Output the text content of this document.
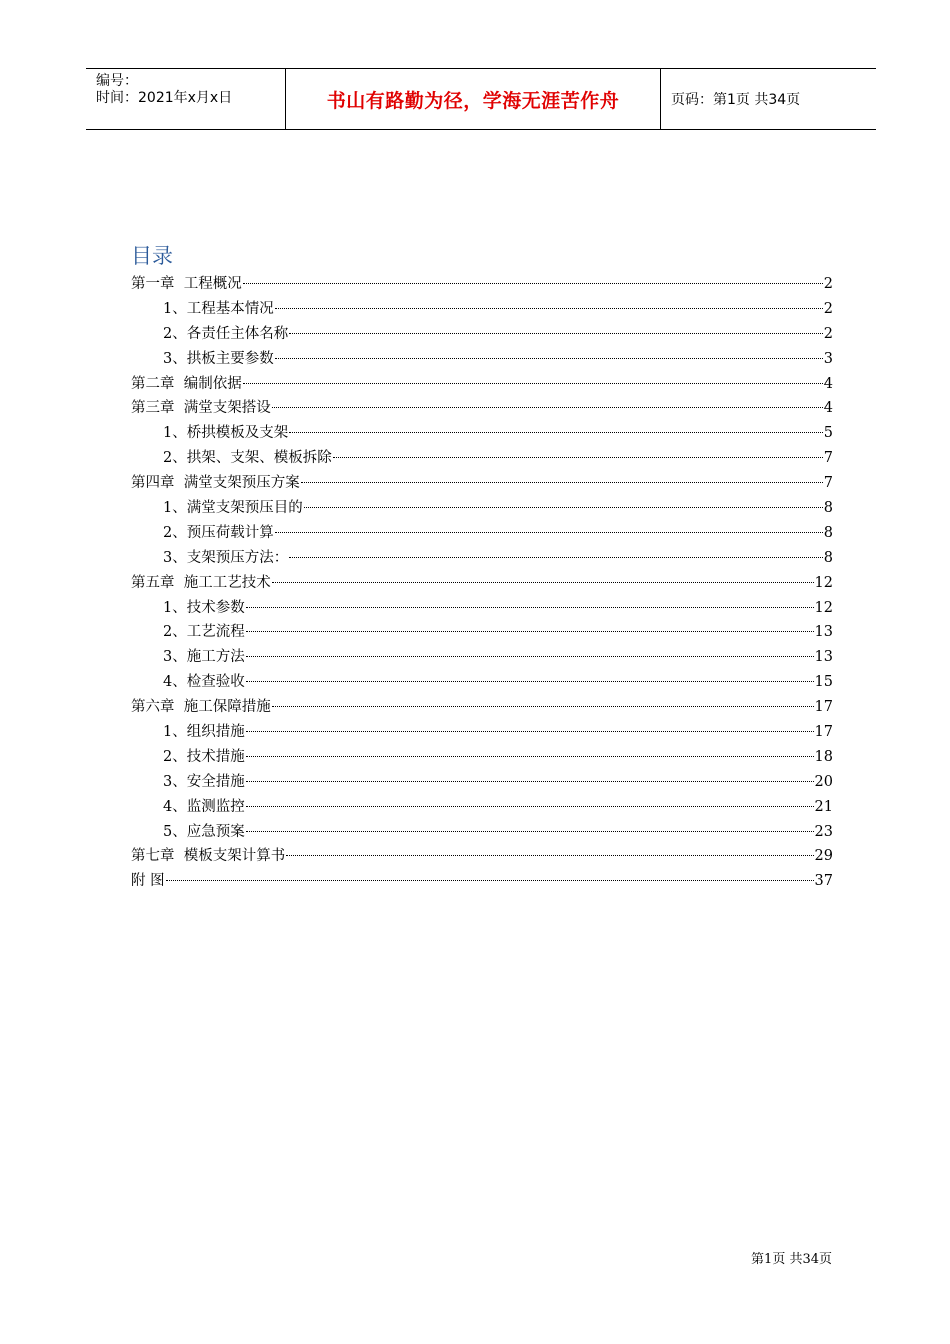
编号：
时间：2021年x月x日	书山有路勤为径，学海无涯苦作舟	页码：第1页 共34页
目录
第一章  工程概况	2
1、工程基本情况	2
2、各责任主体名称	2
3、拱板主要参数	3
第二章  编制依据	4
第三章  满堂支架搭设	4
1、桥拱模板及支架	5
2、拱架、支架、模板拆除	7
第四章  满堂支架预压方案	7
1、满堂支架预压目的	8
2、预压荷载计算	8
3、支架预压方法：	8
第五章  施工工艺技术	12
1、技术参数	12
2、工艺流程	13
3、施工方法	13
4、检查验收	15
第六章  施工保障措施	17
1、组织措施	17
2、技术措施	18
3、安全措施	20
4、监测监控	21
5、应急预案	23
第七章  模板支架计算书	29
附 图	37
第1页 共34页
